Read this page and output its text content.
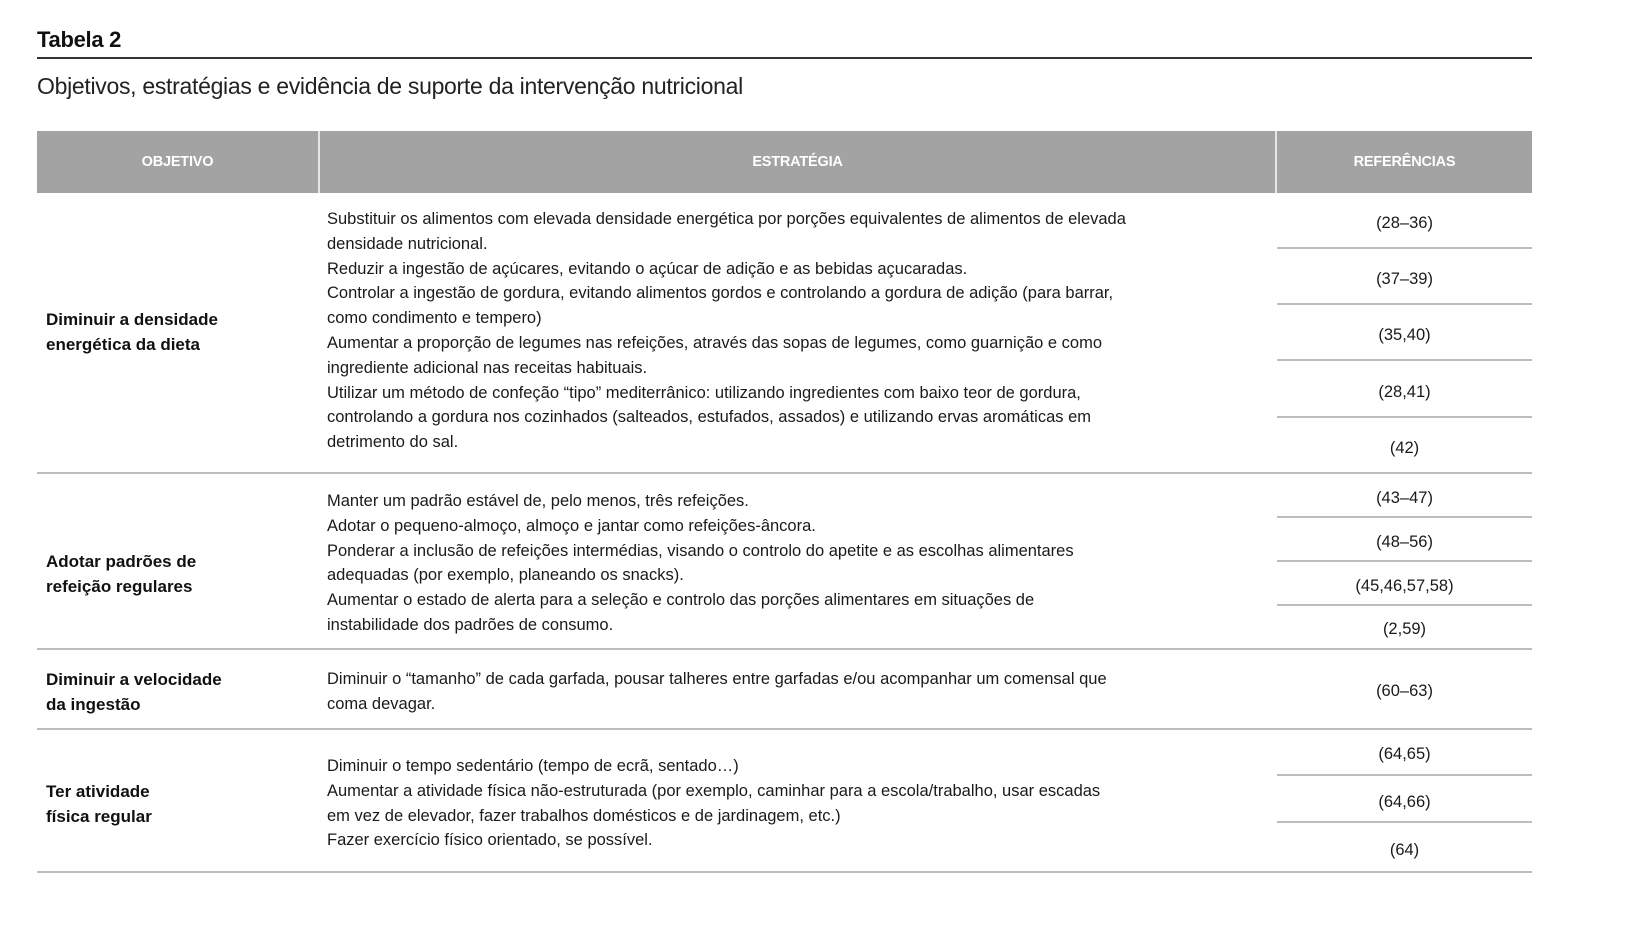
Tabela 2
Objetivos, estratégias e evidência de suporte da intervenção nutricional
OBJETIVO	ESTRATÉGIA	REFERÊNCIAS
Diminuir a densidade
energética da dieta
Substituir os alimentos com elevada densidade energética por porções equivalentes de alimentos de elevada
densidade nutricional.
Reduzir a ingestão de açúcares, evitando o açúcar de adição e as bebidas açucaradas.
Controlar a ingestão de gordura, evitando alimentos gordos e controlando a gordura de adição (para barrar,
como condimento e tempero)
Aumentar a proporção de legumes nas refeições, através das sopas de legumes, como guarnição e como
ingrediente adicional nas receitas habituais.
Utilizar um método de confeção “tipo” mediterrânico: utilizando ingredientes com baixo teor de gordura,
controlando a gordura nos cozinhados (salteados, estufados, assados) e utilizando ervas aromáticas em
detrimento do sal.
(28–36)
(37–39)
(35,40)
(28,41)
(42)
Adotar padrões de
refeição regulares
Manter um padrão estável de, pelo menos, três refeições.
Adotar o pequeno-almoço, almoço e jantar como refeições-âncora.
Ponderar a inclusão de refeições intermédias, visando o controlo do apetite e as escolhas alimentares
adequadas (por exemplo, planeando os snacks).
Aumentar o estado de alerta para a seleção e controlo das porções alimentares em situações de
instabilidade dos padrões de consumo.
(43–47)
(48–56)
(45,46,57,58)
(2,59)
Diminuir a velocidade
da ingestão
Diminuir o “tamanho” de cada garfada, pousar talheres entre garfadas e/ou acompanhar um comensal que
coma devagar.
(60–63)
Ter atividade
física regular
Diminuir o tempo sedentário (tempo de ecrã, sentado…)
Aumentar a atividade física não-estruturada (por exemplo, caminhar para a escola/trabalho, usar escadas
em vez de elevador, fazer trabalhos domésticos e de jardinagem, etc.)
Fazer exercício físico orientado, se possível.
(64,65)
(64,66)
(64)
